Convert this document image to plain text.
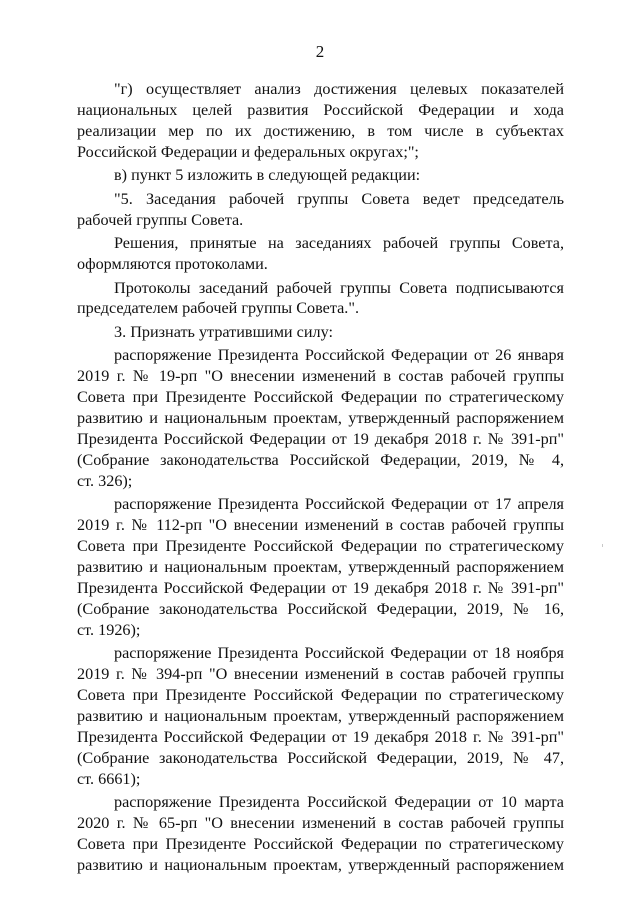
2
"г) осуществляет анализ достижения целевых показателей
национальных целей развития Российской Федерации и хода
реализации мер по их достижению, в том числе в субъектах
Российской Федерации и федеральных округах;";
в) пункт 5 изложить в следующей редакции:
"5. Заседания рабочей группы Совета ведет председатель
рабочей группы Совета.
Решения, принятые на заседаниях рабочей группы Совета,
оформляются протоколами.
Протоколы заседаний рабочей группы Совета подписываются
председателем рабочей группы Совета.".
3. Признать утратившими силу:
распоряжение Президента Российской Федерации от 26 января
2019 г. № 19-рп "О внесении изменений в состав рабочей группы
Совета при Президенте Российской Федерации по стратегическому
развитию и национальным проектам, утвержденный распоряжением
Президента Российской Федерации от 19 декабря 2018 г. № 391-рп"
(Собрание законодательства Российской Федерации, 2019, № 4,
ст. 326);
распоряжение Президента Российской Федерации от 17 апреля
2019 г. № 112-рп "О внесении изменений в состав рабочей группы
Совета при Президенте Российской Федерации по стратегическому
развитию и национальным проектам, утвержденный распоряжением
Президента Российской Федерации от 19 декабря 2018 г. № 391-рп"
(Собрание законодательства Российской Федерации, 2019, № 16,
ст. 1926);
распоряжение Президента Российской Федерации от 18 ноября
2019 г. № 394-рп "О внесении изменений в состав рабочей группы
Совета при Президенте Российской Федерации по стратегическому
развитию и национальным проектам, утвержденный распоряжением
Президента Российской Федерации от 19 декабря 2018 г. № 391-рп"
(Собрание законодательства Российской Федерации, 2019, № 47,
ст. 6661);
распоряжение Президента Российской Федерации от 10 марта
2020 г. № 65-рп "О внесении изменений в состав рабочей группы
Совета при Президенте Российской Федерации по стратегическому
развитию и национальным проектам, утвержденный распоряжением
